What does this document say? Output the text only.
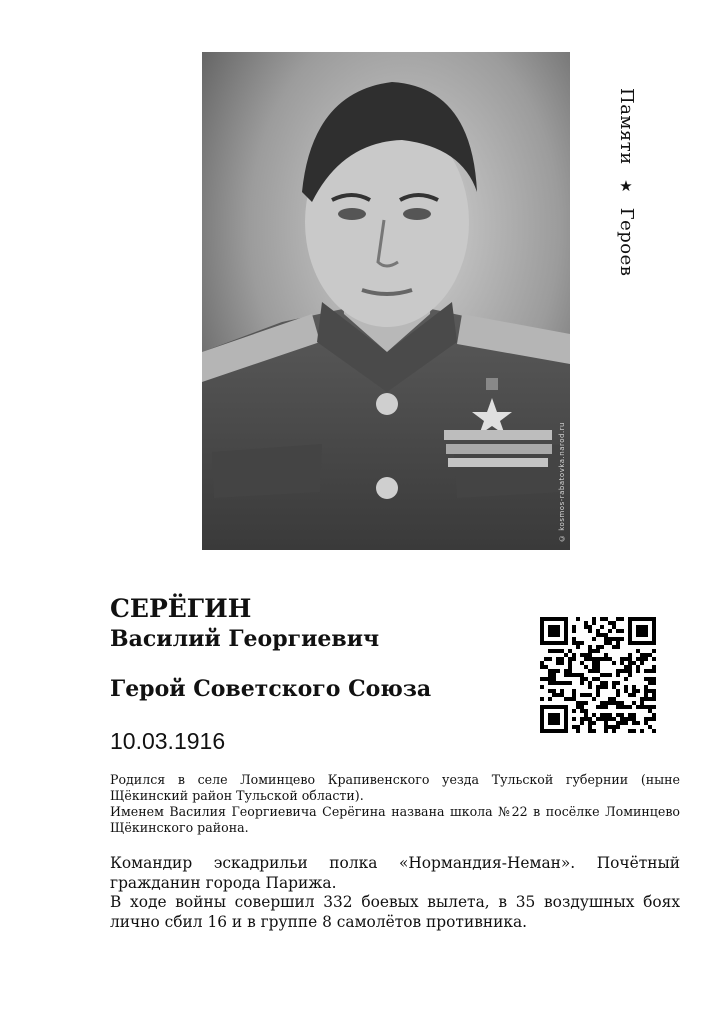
© kosmos-rabatovka.narod.ru
Памяти ★ Героев
СЕРЁГИН
Василий Георгиевич
Герой Советского Союза
10.03.1916

Родился в селе Ломинцево Крапивенского уезда Тульской губернии (ныне Щёкинский район Тульской области).

Именем Василия Георгиевича Серёгина названа школа №22 в посёлке Ломинцево Щёкинского района.

Командир эскадрильи полка «Нормандия-Неман». Почётный гражданин города Парижа.

В ходе войны совершил 332 боевых вылета, в 35 воздушных боях лично сбил 16 и в группе 8 самолётов противника.
